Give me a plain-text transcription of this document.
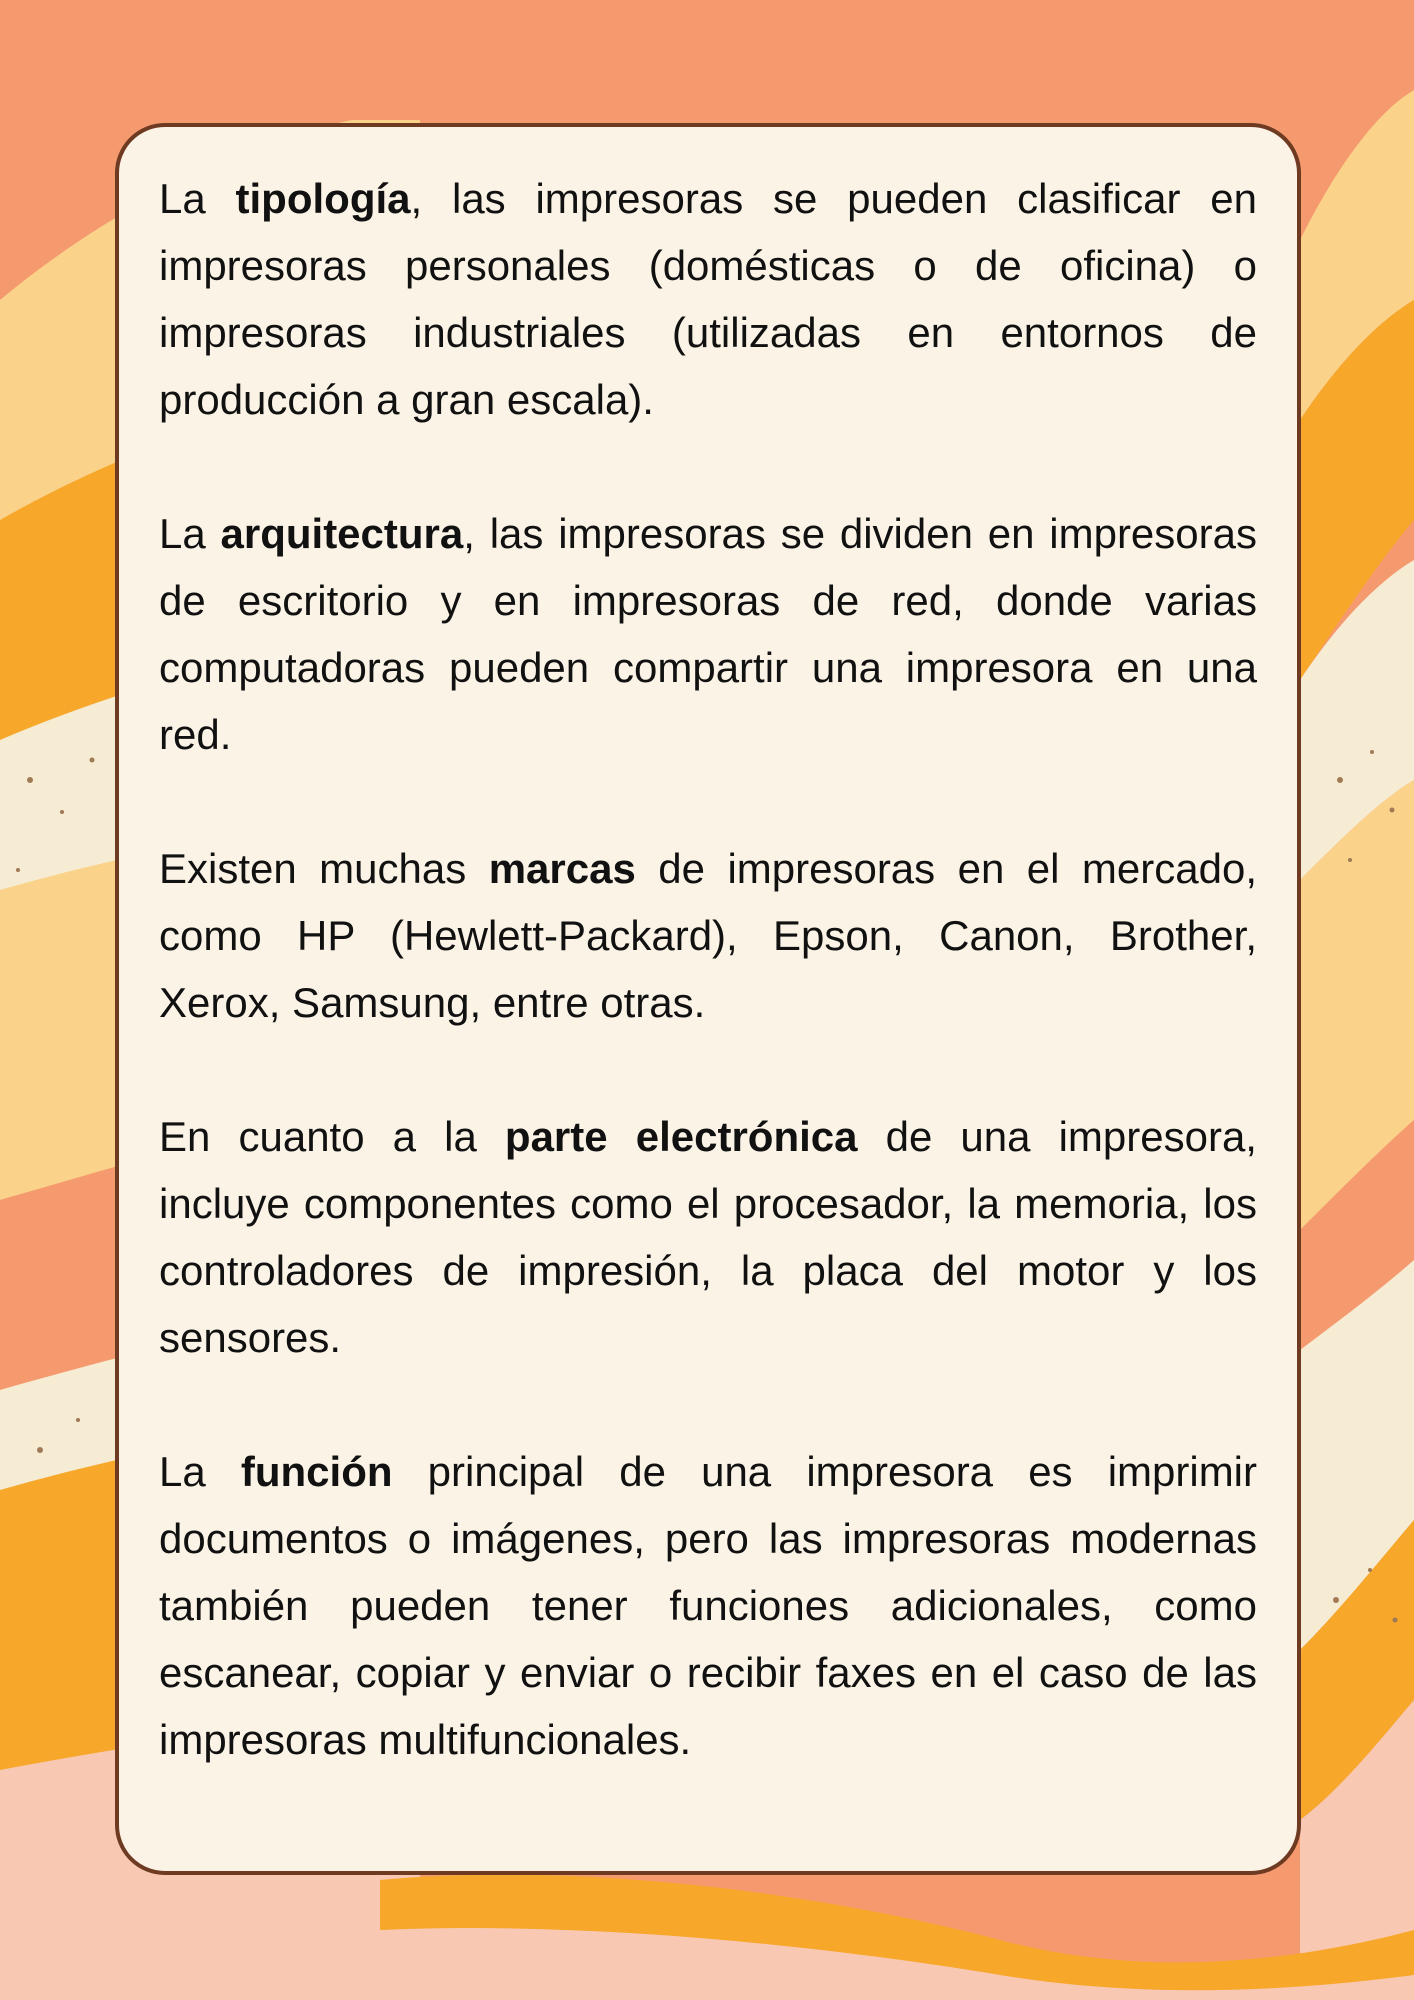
La tipología, las impresoras se pueden clasificar en impresoras personales (domésticas o de oficina) o impresoras industriales (utilizadas en entornos de producción a gran escala).

La arquitectura, las impresoras se dividen en impresoras de escritorio y en impresoras de red, donde varias computadoras pueden compartir una impresora en una red.

Existen muchas marcas de impresoras en el mercado, como HP (Hewlett-Packard), Epson, Canon, Brother, Xerox, Samsung, entre otras.

En cuanto a la parte electrónica de una impresora, incluye componentes como el procesador, la memoria, los controladores de impresión, la placa del motor y los sensores.

La función principal de una impresora es imprimir documentos o imágenes, pero las impresoras modernas también pueden tener funciones adicionales, como escanear, copiar y enviar o recibir faxes en el caso de las impresoras multifuncionales.
